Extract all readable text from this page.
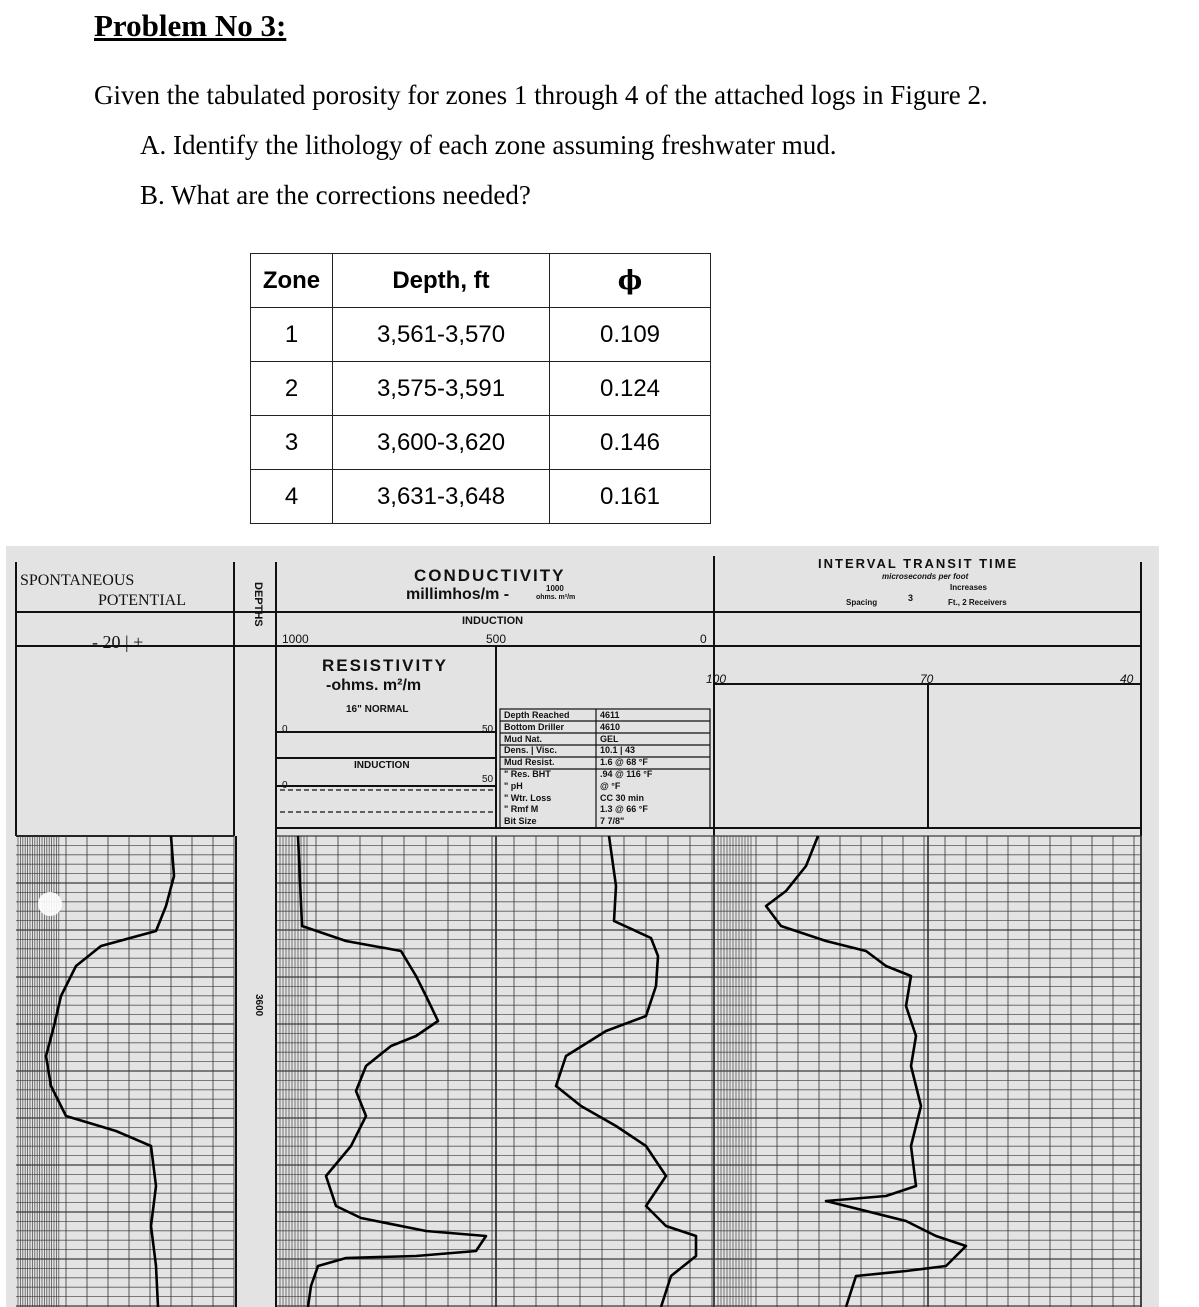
Problem No 3:
Given the tabulated porosity for zones 1 through 4 of the attached logs in Figure 2.
A. Identify the lithology of each zone assuming freshwater mud.
B. What are the corrections needed?
Zone	Depth, ft	ϕ
1	3,561-3,570	0.109
2	3,575-3,591	0.124
3	3,600-3,620	0.146
4	3,631-3,648	0.161
SPONTANEOUS
POTENTIAL
- 20 | +
DEPTHS
3600
CONDUCTIVITY
millimhos/m -	1000
ohms. m²/m
INDUCTION
1000	500	0
RESISTIVITY
-ohms. m²/m
16" NORMAL
INDUCTION
0
0
50
50
Depth Reached	4611
Bottom Driller	4610
Mud Nat.	GEL
Dens. | Visc.	10.1 | 43
Mud Resist.	1.6 @ 68 °F
" Res. BHT	.94 @ 116 °F
" pH	@ °F
" Wtr. Loss	CC 30 min
" Rmf M	1.3 @ 66 °F
Bit Size	7 7/8"
INTERVAL TRANSIT TIME
microseconds per foot
Increases
Spacing	3	Ft., 2 Receivers
100	70	40
